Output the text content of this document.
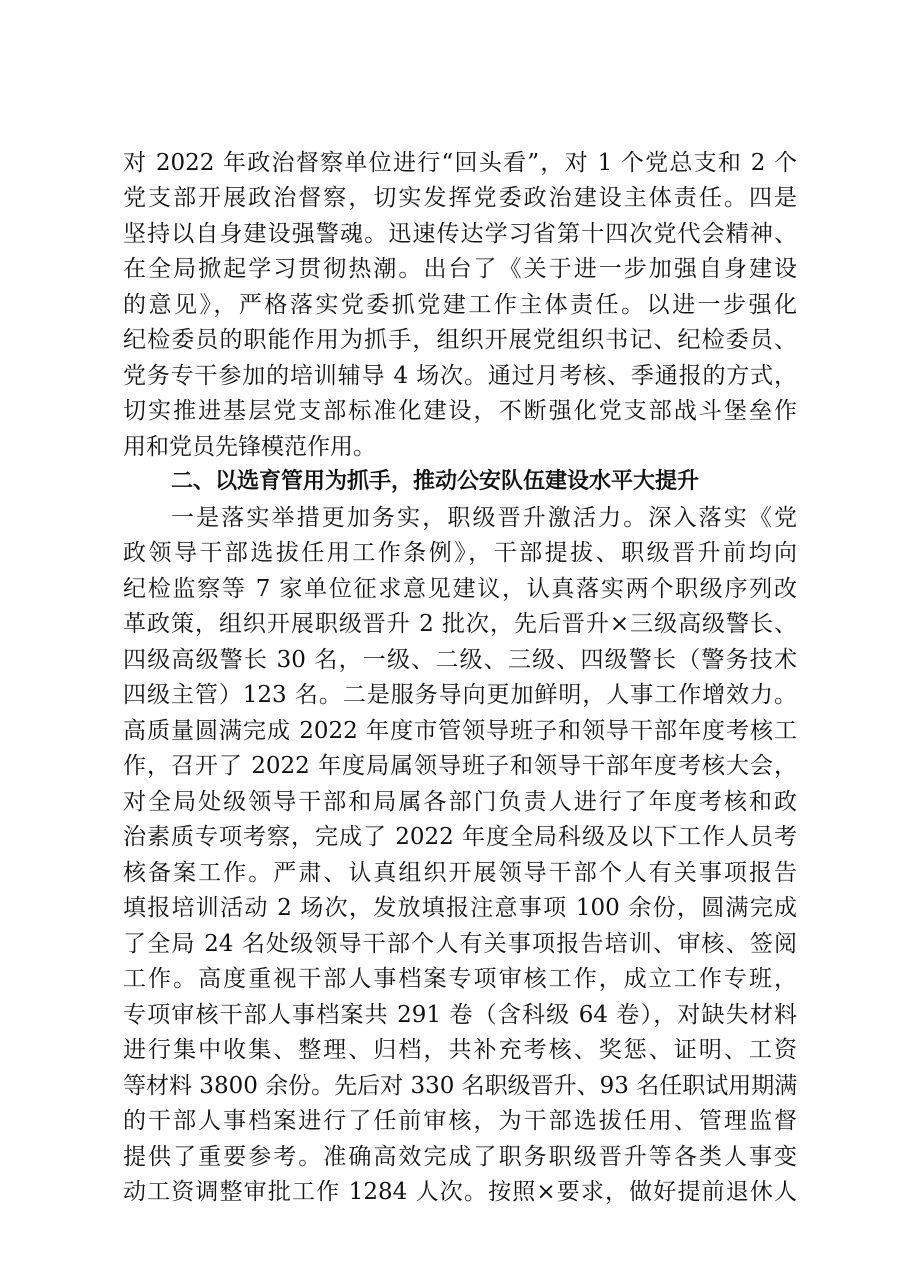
对 2022 年政治督察单位进行“回头看”，对 1 个党总支和 2 个
党支部开展政治督察，切实发挥党委政治建设主体责任。四是
坚持以自身建设强警魂。迅速传达学习省第十四次党代会精神、
在全局掀起学习贯彻热潮。出台了《关于进一步加强自身建设
的意见》，严格落实党委抓党建工作主体责任。以进一步强化
纪检委员的职能作用为抓手，组织开展党组织书记、纪检委员、
党务专干参加的培训辅导 4 场次。通过月考核、季通报的方式，
切实推进基层党支部标准化建设，不断强化党支部战斗堡垒作
用和党员先锋模范作用。
二、以选育管用为抓手，推动公安队伍建设水平大提升
一是落实举措更加务实，职级晋升激活力。深入落实《党
政领导干部选拔任用工作条例》，干部提拔、职级晋升前均向
纪检监察等 7 家单位征求意见建议，认真落实两个职级序列改
革政策，组织开展职级晋升 2 批次，先后晋升×三级高级警长、
四级高级警长 30 名，一级、二级、三级、四级警长（警务技术
四级主管）123 名。二是服务导向更加鲜明，人事工作增效力。
高质量圆满完成 2022 年度市管领导班子和领导干部年度考核工
作，召开了 2022 年度局属领导班子和领导干部年度考核大会，
对全局处级领导干部和局属各部门负责人进行了年度考核和政
治素质专项考察，完成了 2022 年度全局科级及以下工作人员考
核备案工作。严肃、认真组织开展领导干部个人有关事项报告
填报培训活动 2 场次，发放填报注意事项 100 余份，圆满完成
了全局 24 名处级领导干部个人有关事项报告培训、审核、签阅
工作。高度重视干部人事档案专项审核工作，成立工作专班，
专项审核干部人事档案共 291 卷（含科级 64 卷），对缺失材料
进行集中收集、整理、归档，共补充考核、奖惩、证明、工资
等材料 3800 余份。先后对 330 名职级晋升、93 名任职试用期满
的干部人事档案进行了任前审核，为干部选拔任用、管理监督
提供了重要参考。准确高效完成了职务职级晋升等各类人事变
动工资调整审批工作 1284 人次。按照×要求，做好提前退休人
